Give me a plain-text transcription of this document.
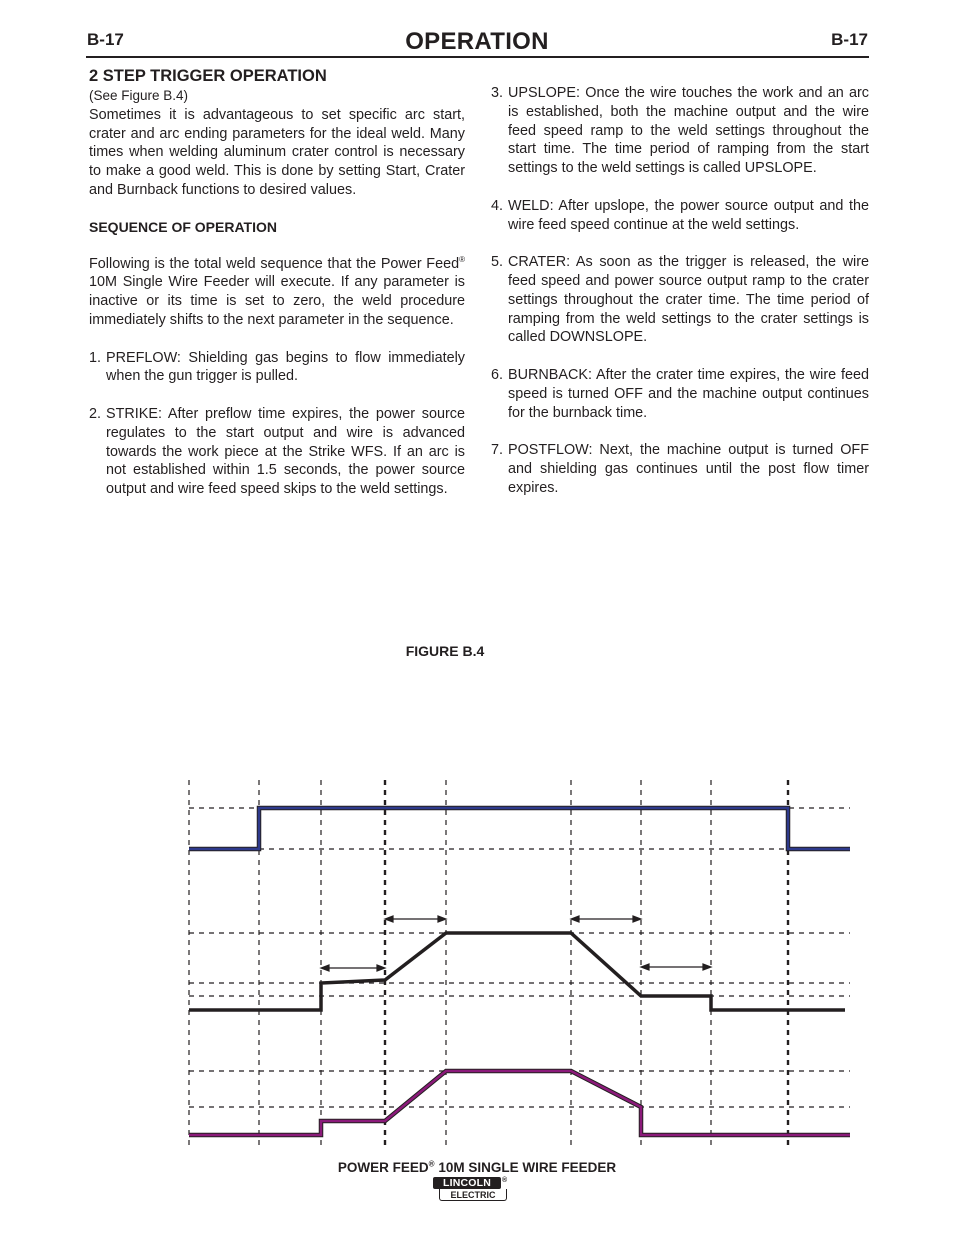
B-17	OPERATION	B-17
2 STEP TRIGGER OPERATION
(See Figure B.4)

Sometimes it is advantageous to set specific arc start, crater and arc ending parameters for the ideal weld. Many times when welding aluminum crater control is necessary to make a good weld. This is done by setting Start, Crater and Burnback functions to desired values.

SEQUENCE OF OPERATION

Following is the total weld sequence that the Power Feed® 10M Single Wire Feeder will execute. If any parameter is inactive or its time is set to zero, the weld procedure immediately shifts to the next parameter in the sequence.

1. PREFLOW: Shielding gas begins to flow immediately when the gun trigger is pulled.
2. STRIKE: After preflow time expires, the power source regulates to the start output and wire is advanced towards the work piece at the Strike WFS. If an arc is not established within 1.5 seconds, the power source output and wire feed speed skips to the weld settings.
3. UPSLOPE: Once the wire touches the work and an arc is established, both the machine output and the wire feed speed ramp to the weld settings throughout the start time. The time period of ramping from the start settings to the weld settings is called UPSLOPE.
4. WELD: After upslope, the power source output and the wire feed speed continue at the weld settings.
5. CRATER: As soon as the trigger is released, the wire feed speed and power source output ramp to the crater settings throughout the crater time. The time period of ramping from the weld settings to the crater settings is called DOWNSLOPE.
6. BURNBACK: After the crater time expires, the wire feed speed is turned OFF and the machine output continues for the burnback time.
7. POSTFLOW: Next, the machine output is turned OFF and shielding gas continues until the post flow timer expires.
FIGURE B.4
POWER FEED® 10M SINGLE WIRE FEEDER
LINCOLN
ELECTRIC
®
